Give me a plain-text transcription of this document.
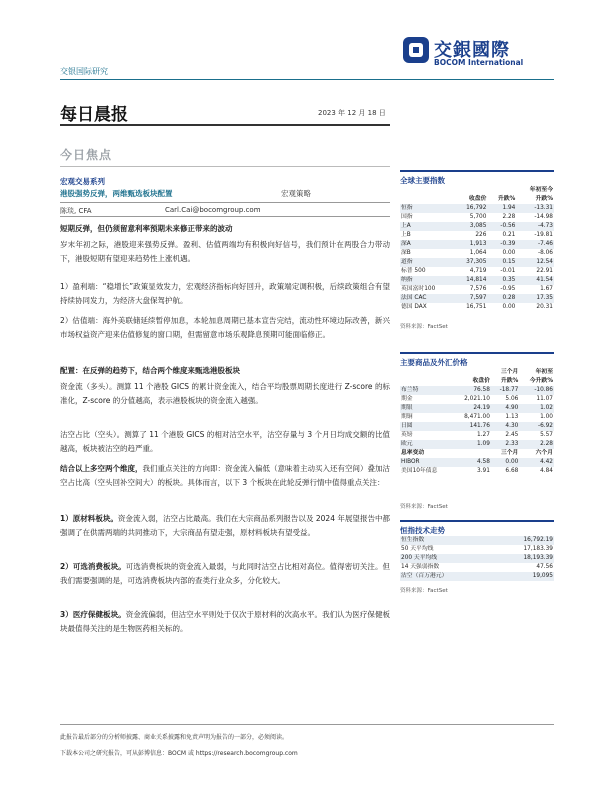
交銀國際
BOCOM International
交银国际研究
每日晨报	2023 年 12 月 18 日
今日焦点
宏观交易系列
港股强势反弹，两维甄选板块配置	宏观策略
陈琰, CFA	Carl.Cai@bocomgroup.com
短期反弹，但仍须留意利率预期未来修正带来的波动
岁末年初之际，港股迎来强势反弹。盈利、估值两端均有积极向好信号，我们预计在两股合力带动下，港股短期有望迎来趋势性上涨机遇。
1）盈利端：“稳增长”政策显效发力，宏观经济指标向好回升，政策端定调积极，后续政策组合有望持续协同发力，为经济大盘保驾护航。
2）估值端：海外美联储延续暂停加息，本轮加息周期已基本宣告完结，流动性环境边际改善，新兴市场权益资产迎来估值修复的窗口期，但需留意市场乐观降息预期可能面临修正。
配置：在反弹的趋势下，结合两个维度来甄选港股板块
资金流（多头）。测算 11 个港股 GICS 的累计资金流入，结合平均股票周期长度进行 Z-score 的标准化，Z-score 的分值越高，表示港股板块的资金流入越强。
沽空占比（空头）。测算了 11 个港股 GICS 的相对沽空水平，沽空存量与 3 个月日均成交额的比值越高，板块被沽空的趋严重。
结合以上多空两个维度，我们重点关注的方向即：资金流入偏低（意味着主动买入还有空间）叠加沽空占比高（空头回补空间大）的板块。具体而言，以下 3 个板块在此轮反弹行情中值得重点关注：
1）原材料板块。资金流入弱，沽空占比最高。我们在大宗商品系列报告以及 2024 年展望报告中都强调了在供需两端的共同推动下，大宗商品有望走强，原材料板块有望受益。
2）可选消费板块。可选消费板块的资金流入最弱，与此同时沽空占比相对高位。值得密切关注。但我们需要强调的是，可选消费板块内部的查类行业众多，分化较大。
3）医疗保健板块。资金流偏弱，但沽空水平则处于仅次于原材料的次高水平。我们认为医疗保健板块最值得关注的是生物医药相关标的。
全球主要指数
			年初至今
	收盘价	升跌%	升跌%
恒指	16,792	1.94	-13.31
国指	5,700	2.28	-14.98
上A	3,085	-0.56	-4.73
上B	226	0.21	-19.81
深A	1,913	-0.39	-7.46
深B	1,064	0.00	-8.06
道指	37,305	0.15	12.54
标普 500	4,719	-0.01	22.91
纳指	14,814	0.35	41.54
英国富时100	7,576	-0.95	1.67
法国 CAC	7,597	0.28	17.35
德国 DAX	16,751	0.00	20.31
资料来源：FactSet
主要商品及外汇价格
		三个月	年初至
	收盘价	升跌%	今升跌%
布兰特	76.58	-18.77	-10.86
期金	2,021.10	5.06	11.07
期银	24.19	4.90	1.02
期铜	8,471.00	1.13	1.00
日圆	141.76	4.30	-6.92
英镑	1.27	2.45	5.57
欧元	1.09	2.33	2.28
息率变动		三个月	六个月
HIBOR	4.58	0.00	4.42
美国10年债息	3.91	6.68	4.84
资料来源：FactSet
恒指技术走势
恒生指数	16,792.19
50 天平均线	17,183.39
200 天平均线	18,193.39
14 天强弱指数	47.56
沽空（百万港元）	19,095
资料来源：FactSet
此报告最后部分的分析师披露、商业关系披露和免责声明为报告的一部分，必须阅读。
下载本公司之研究报告，可从彭博信息：BOCM 或 https://research.bocomgroup.com
